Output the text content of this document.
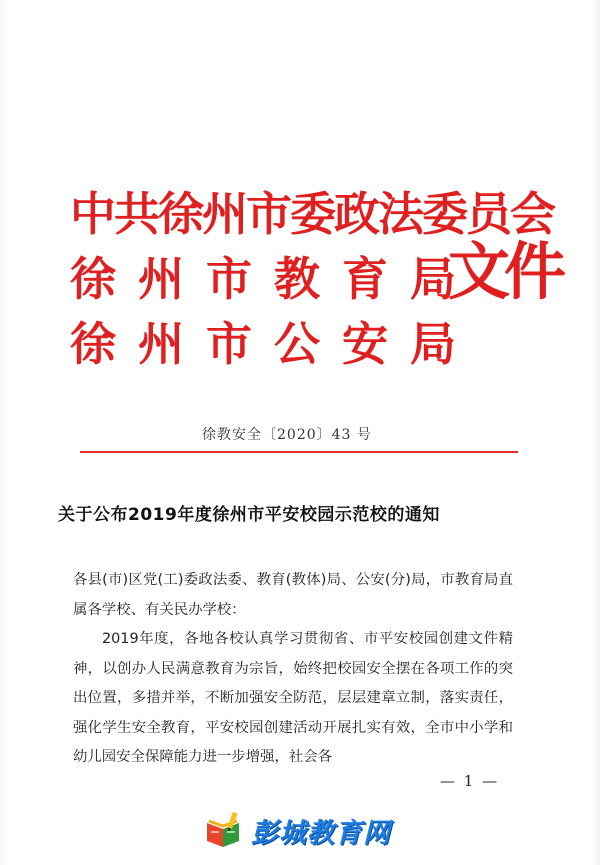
中共徐州市委政法委员会
徐州市教育局
徐州市公安局
文件
徐教安全〔2020〕43 号
关于公布2019年度徐州市平安校园示范校的通知
各县(市)区党(工)委政法委、教育(教体)局、公安(分)局，市教育局直属各学校、有关民办学校：
2019年度，各地各校认真学习贯彻省、市平安校园创建文件精神，以创办人民满意教育为宗旨，始终把校园安全摆在各项工作的突出位置，多措并举，不断加强安全防范，层层建章立制，落实责任，强化学生安全教育，平安校园创建活动开展扎实有效，全市中小学和幼儿园安全保障能力进一步增强，社会各
— 1 —
彭城教育网
